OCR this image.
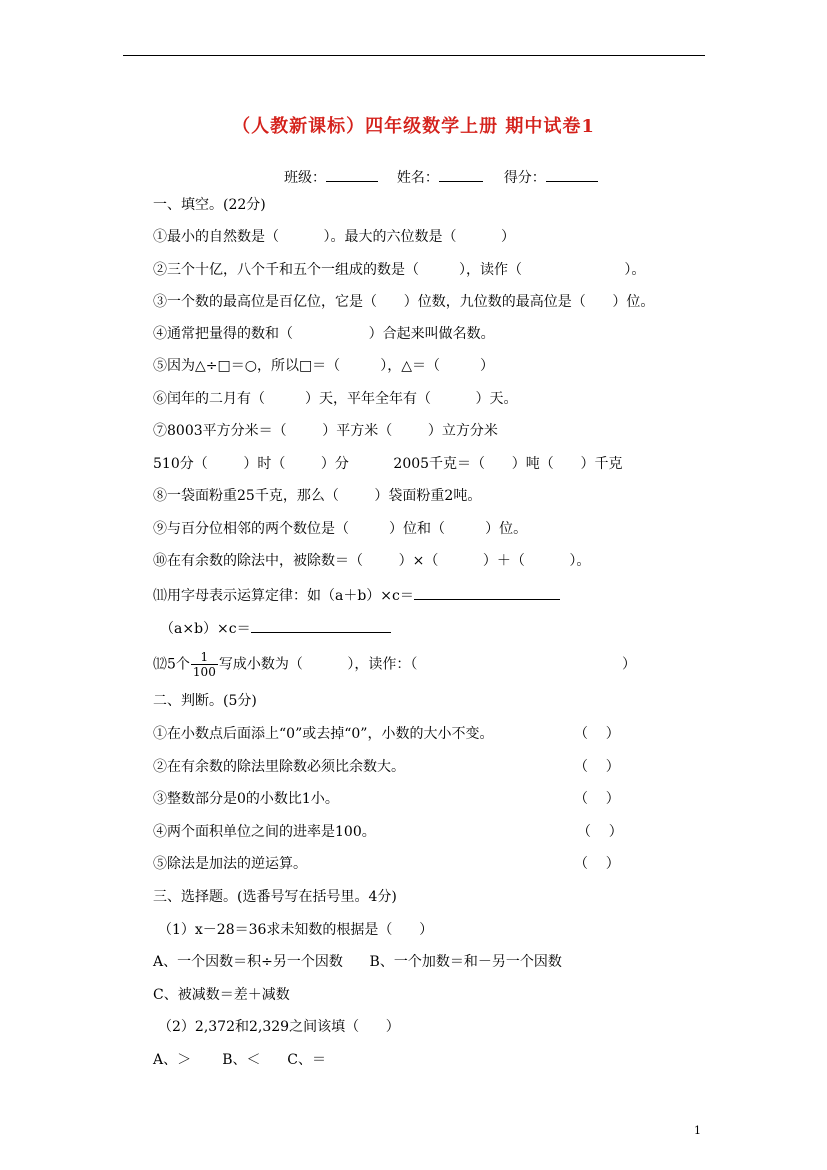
（人教新课标）四年级数学上册 期中试卷1
班级：	姓名：	得分：
一、填空。(22分)
①最小的自然数是（          ）。最大的六位数是（          ）
②三个十亿，八个千和五个一组成的数是（         ），读作（                       ）。
③一个数的最高位是百亿位，它是（      ）位数，九位数的最高位是（      ）位。
④通常把量得的数和（                 ）合起来叫做名数。
⑤因为△÷□＝○，所以□＝（         ），△＝（         ）
⑥闰年的二月有（         ）天，平年全年有（          ）天。
⑦8003平方分米＝（        ）平方米（        ）立方分米
510分（        ）时（        ）分          2005千克＝（      ）吨（      ）千克
⑧一袋面粉重25千克，那么（        ）袋面粉重2吨。
⑨与百分位相邻的两个数位是（         ）位和（         ）位。
⑩在有余数的除法中，被除数＝（        ）×（          ）＋（          ）。
⑾用字母表示运算定律：如（a＋b）×c＝
（a×b）×c＝
⑿5个 $\frac{1}{100}$ 写成小数为（          ），读作：（                                              ）
二、判断。(5分)
①在小数点后面添上“0”或去掉“0”，小数的大小不变。	（    ）
②在有余数的除法里除数必须比余数大。	（    ）
③整数部分是0的小数比1小。	（    ）
④两个面积单位之间的进率是100。	（    ）
⑤除法是加法的逆运算。	（    ）
三、选择题。(选番号写在括号里。4分)
（1）x－28＝36求未知数的根据是（      ）
A、一个因数＝积÷另一个因数      B、一个加数＝和－另一个因数
C、被减数＝差＋减数
（2）2,372和2,329之间该填（      ）
A、＞       B、＜      C、＝
1
